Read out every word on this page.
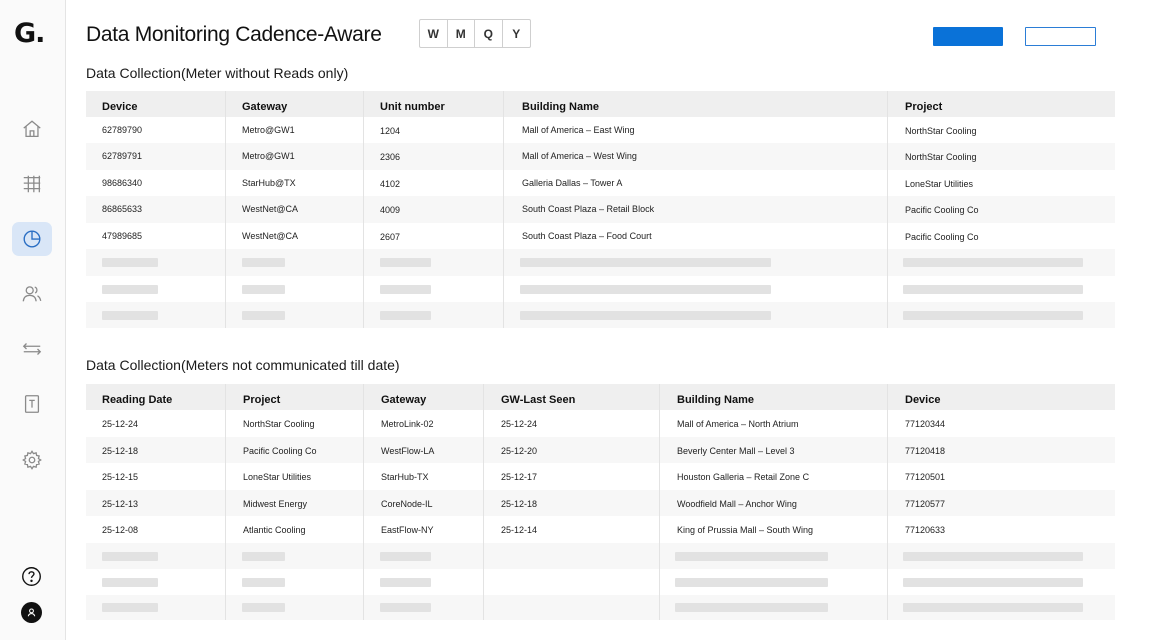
G. Data Monitoring Cadence-Aware	W	M	Q	Y
Data Collection(Meter without Reads only)
Device	Gateway	Unit number	Building Name	Project
62789790	Metro@GW1	1204	Mall of America – East Wing	NorthStar Cooling
62789791	Metro@GW1	2306	Mall of America – West Wing	NorthStar Cooling
98686340	StarHub@TX	4102	Galleria Dallas – Tower A	LoneStar Utilities
86865633	WestNet@CA	4009	South Coast Plaza – Retail Block	Pacific Cooling Co
47989685	WestNet@CA	2607	South Coast Plaza – Food Court	Pacific Cooling Co
Data Collection(Meters not communicated till date)
Reading Date	Project	Gateway	GW-Last Seen	Building Name	Device
25-12-24	NorthStar Cooling	MetroLink-02	25-12-24	Mall of America – North Atrium	77120344
25-12-18	Pacific Cooling Co	WestFlow-LA	25-12-20	Beverly Center Mall – Level 3	77120418
25-12-15	LoneStar Utilities	StarHub-TX	25-12-17	Houston Galleria – Retail Zone C	77120501
25-12-13	Midwest Energy	CoreNode-IL	25-12-18	Woodfield Mall – Anchor Wing	77120577
25-12-08	Atlantic Cooling	EastFlow-NY	25-12-14	King of Prussia Mall – South Wing	77120633
